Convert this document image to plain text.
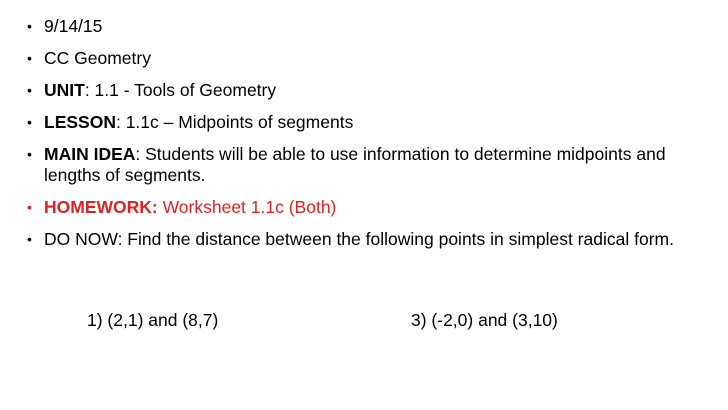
• 9/14/15
• CC Geometry
• UNIT: 1.1 - Tools of Geometry
• LESSON: 1.1c – Midpoints of segments
• MAIN IDEA: Students will be able to use information to determine midpoints and lengths of segments.
• HOMEWORK: Worksheet 1.1c (Both)
• DO NOW: Find the distance between the following points in simplest radical form.
1) (2,1) and (8,7)	3) (-2,0) and (3,10)
